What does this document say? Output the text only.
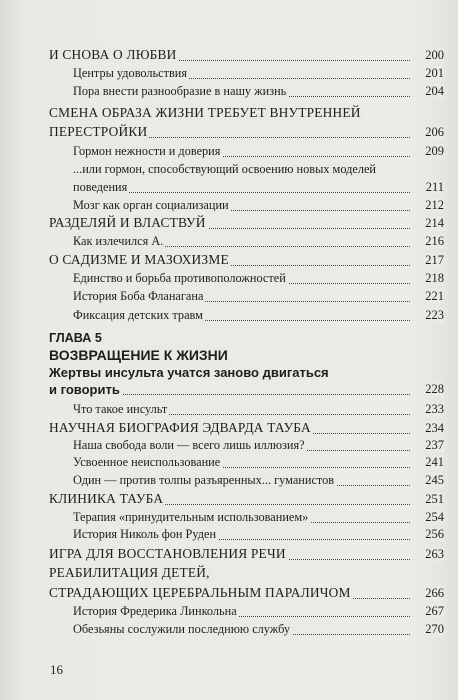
И СНОВА О ЛЮБВИ	200
Центры удовольствия	201
Пора внести разнообразие в нашу жизнь	204
СМЕНА ОБРАЗА ЖИЗНИ ТРЕБУЕТ ВНУТРЕННЕЙ
ПЕРЕСТРОЙКИ	206
Гормон нежности и доверия	209
...или гормон, способствующий освоению новых моделей
поведения	211
Мозг как орган социализации	212
РАЗДЕЛЯЙ И ВЛАСТВУЙ	214
Как излечился А.	216
О САДИЗМЕ И МАЗОХИЗМЕ	217
Единство и борьба противоположностей	218
История Боба Фланагана	221
Фиксация детских травм	223
ГЛАВА 5
ВОЗВРАЩЕНИЕ К ЖИЗНИ
Жертвы инсульта учатся заново двигаться
и говорить	228
Что такое инсульт	233
НАУЧНАЯ БИОГРАФИЯ ЭДВАРДА ТАУБА	234
Наша свобода воли — всего лишь иллюзия?	237
Усвоенное неиспользование	241
Один — против толпы разъяренных... гуманистов	245
КЛИНИКА ТАУБА	251
Терапия «принудительным использованием»	254
История Николь фон Руден	256
ИГРА ДЛЯ ВОССТАНОВЛЕНИЯ РЕЧИ	263
РЕАБИЛИТАЦИЯ ДЕТЕЙ,
СТРАДАЮЩИХ ЦЕРЕБРАЛЬНЫМ ПАРАЛИЧОМ	266
История Фредерика Линкольна	267
Обезьяны сослужили последнюю службу	270
16
